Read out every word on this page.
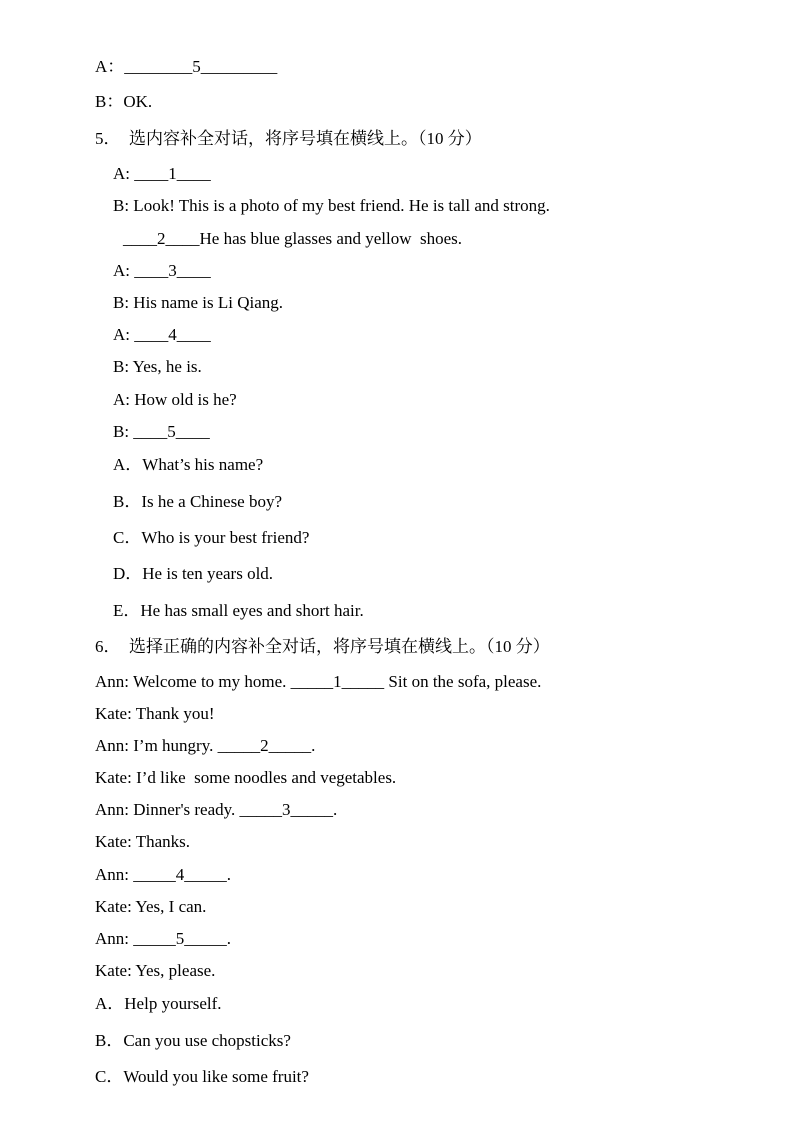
A：________5_________
B：OK.
5．  选内容补全对话，将序号填在横线上。（10 分）
A: ____1____
B: Look! This is a photo of my best friend. He is tall and strong.
____2____He has blue glasses and yellow  shoes.
A: ____3____
B: His name is Li Qiang.
A: ____4____
B: Yes, he is.
A: How old is he?
B: ____5____
A．What’s his name?
B．Is he a Chinese boy?
C．Who is your best friend?
D．He is ten years old.
E．He has small eyes and short hair.
6．  选择正确的内容补全对话，将序号填在横线上。（10 分）
Ann: Welcome to my home. _____1_____ Sit on the sofa, please.
Kate: Thank you!
Ann: I’m hungry. _____2_____.
Kate: I’d like  some noodles and vegetables.
Ann: Dinner's ready. _____3_____.
Kate: Thanks.
Ann: _____4_____.
Kate: Yes, I can.
Ann: _____5_____.
Kate: Yes, please.
A．Help yourself.
B．Can you use chopsticks?
C．Would you like some fruit?
